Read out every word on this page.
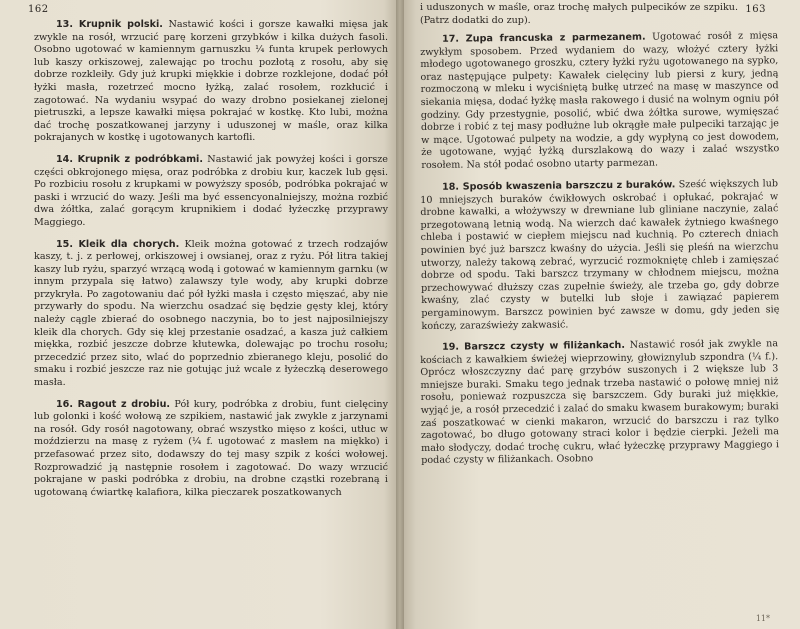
162

13. Krupnik polski. Nastawić kości i gorsze kawałki mięsa jak zwykle na rosół, wrzucić parę korzeni grzybków i kilka dużych fasoli. Osobno ugotować w kamiennym garnuszku ¼ funta krupek perłowych lub kaszy orkiszowej, zalewając po trochu pozłotą z rosołu, aby się dobrze rozkleiły. Gdy już krupki miękkie i dobrze rozklejone, dodać pół łyżki masła, rozetrzeć mocno łyżką, zalać rosołem, rozkłucić i zagotować. Na wydaniu wsypać do wazy drobno posiekanej zielonej pietruszki, a lepsze kawałki mięsa pokrajać w kostkę. Kto lubi, można dać trochę poszatkowanej jarzyny i uduszonej w maśle, oraz kilka pokrajanych w kostkę i ugotowanych kartofli.

14. Krupnik z podróbkami. Nastawić jak powyżej kości i gorsze części obkrojonego mięsa, oraz podróbka z drobiu kur, kaczek lub gęsi. Po rozbiciu rosołu z krupkami w powyższy sposób, podróbka pokrajać w paski i wrzucić do wazy. Jeśli ma być essencyonalniejszy, można rozbić dwa żółtka, zalać gorącym krupnikiem i dodać łyżeczkę przyprawy Maggiego.

15. Kleik dla chorych. Kleik można gotować z trzech rodzajów kaszy, t. j. z perłowej, orkiszowej i owsianej, oraz z ryżu. Pół litra takiej kaszy lub ryżu, sparzyć wrzącą wodą i gotować w kamiennym garnku (w innym przypala się łatwo) zalawszy tyle wody, aby krupki dobrze przykryła. Po zagotowaniu dać pół łyżki masła i często mięszać, aby nie przywarły do spodu. Na wierzchu osadzać się będzie gęsty klej, który należy cągle zbierać do osobnego naczynia, bo to jest najposilniejszy kleik dla chorych. Gdy się klej przestanie osadzać, a kasza już całkiem miękka, rozbić jeszcze dobrze kłutewka, dolewając po trochu rosołu; przecedzić przez sito, wlać do poprzednio zbieranego kleju, posolić do smaku i rozbić jeszcze raz nie gotując już wcale z łyżeczką deserowego masła.

16. Ragout z drobiu. Pół kury, podróbka z drobiu, funt cielęciny lub golonki i kość wołową ze szpikiem, nastawić jak zwykle z jarzynami na rosół. Gdy rosół nagotowany, obrać wszystko mięso z kości, utłuc w moździerzu na masę z ryżem (¼ f. ugotować z masłem na miękko) i przefasować przez sito, dodawszy do tej masy szpik z kości wołowej. Rozprowadzić ją następnie rosołem i zagotować. Do wazy wrzucić pokrajane w paski podróbka z drobiu, na drobne cząstki rozebraną i ugotowaną ćwiartkę kalafiora, kilka pieczarek poszatkowanych

163

i uduszonych w maśle, oraz trochę małych pulpecików ze szpiku. (Patrz dodatki do zup).

17. Zupa francuska z parmezanem. Ugotować rosół z mięsa zwykłym sposobem. Przed wydaniem do wazy, włożyć cztery łyżki młodego ugotowanego groszku, cztery łyżki ryżu ugotowanego na sypko, oraz następujące pulpety: Kawałek cielęciny lub piersi z kury, jedną rozmoczoną w mleku i wyciśniętą bułkę utrzeć na masę w maszynce od siekania mięsa, dodać łyżkę masła rakowego i dusić na wolnym ogniu pół godziny. Gdy przestygnie, posolić, wbić dwa żółtka surowe, wymięszać dobrze i robić z tej masy podłużne lub okrągłe małe pulpeciki tarzając je w mące. Ugotować pulpety na wodzie, a gdy wypłyną co jest dowodem, że ugotowane, wyjąć łyżką durszlakową do wazy i zalać wszystko rosołem. Na stół podać osobno utarty parmezan.

18. Sposób kwaszenia barszczu z buraków. Sześć większych lub 10 mniejszych buraków ćwikłowych oskrobać i opłukać, pokrajać w drobne kawałki, a włożywszy w drewniane lub gliniane naczynie, zalać przegotowaną letnią wodą. Na wierzch dać kawałek żytniego kwaśnego chleba i postawić w ciepłem miejscu nad kuchnią. Po czterech dniach powinien być już barszcz kwaśny do użycia. Jeśli się pleśń na wierzchu utworzy, należy takową zebrać, wyrzucić rozmokniętę chleb i zamięszać dobrze od spodu. Taki barszcz trzymany w chłodnem miejscu, można przechowywać dłuższy czas zupełnie świeży, ale trzeba go, gdy dobrze kwaśny, zlać czysty w butelki lub słoje i zawiązać papierem pergaminowym. Barszcz powinien być zawsze w domu, gdy jeden się kończy, zarazświeży zakwasić.

19. Barszcz czysty w filiżankach. Nastawić rosół jak zwykle na kościach z kawałkiem świeżej wieprzowiny, głowiznylub szpondra (¼ f.). Oprócz włoszczyzny dać parę grzybów suszonych i 2 większe lub 3 mniejsze buraki. Smaku tego jednak trzeba nastawić o połowę mniej niż rosołu, ponieważ rozpuszcza się barszczem. Gdy buraki już miękkie, wyjąć je, a rosół przecedzić i zalać do smaku kwasem burakowym; buraki zaś poszatkować w cienki makaron, wrzucić do barszczu i raz tylko zagotować, bo długo gotowany straci kolor i będzie cierpki. Jeżeli ma mało słodyczy, dodać trochę cukru, włać łyżeczkę przyprawy Maggiego i podać czysty w filiżankach. Osobno

11*
